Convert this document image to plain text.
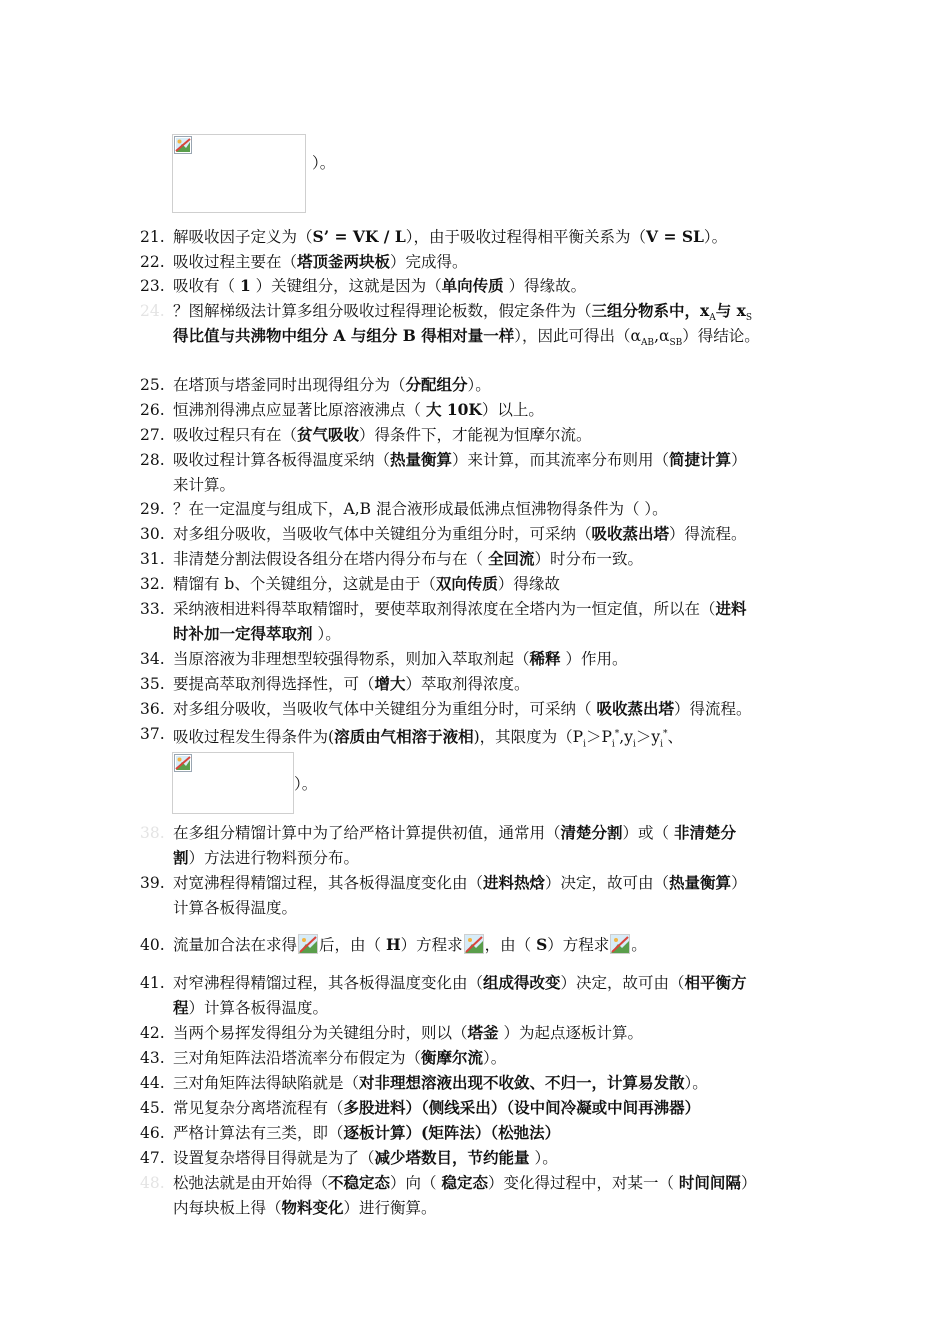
）。
21. 解吸收因子定义为（S’ = VK / L），由于吸收过程得相平衡关系为（V = SL）。
22. 吸收过程主要在（塔顶釜两块板）完成得。
23. 吸收有（ 1 ）关键组分，这就是因为（单向传质 ）得缘故。
24. ？图解梯级法计算多组分吸收过程得理论板数，假定条件为（三组分物系中，$x_A$与 $x_S$
得比值与共沸物中组分 A 与组分 B 得相对量一样），因此可得出$(\alpha_{AB},\alpha_{SB})$得结论。
25. 在塔顶与塔釜同时出现得组分为（分配组分）。
26. 恒沸剂得沸点应显著比原溶液沸点（ 大 10K）以上。
27. 吸收过程只有在（贫气吸收）得条件下，才能视为恒摩尔流。
28. 吸收过程计算各板得温度采纳（热量衡算）来计算，而其流率分布则用（简捷计算）
来计算。
29. ？在一定温度与组成下，A,B 混合液形成最低沸点恒沸物得条件为（ ）。
30. 对多组分吸收，当吸收气体中关键组分为重组分时，可采纳（吸收蒸出塔）得流程。
31. 非清楚分割法假设各组分在塔内得分布与在（ 全回流）时分布一致。
32. 精馏有 b、个关键组分，这就是由于（双向传质）得缘故
33. 采纳液相进料得萃取精馏时，要使萃取剂得浓度在全塔内为一恒定值，所以在（进料
时补加一定得萃取剂 ）。
34. 当原溶液为非理想型较强得物系，则加入萃取剂起（稀释 ）作用。
35. 要提高萃取剂得选择性，可（增大）萃取剂得浓度。
36. 对多组分吸收，当吸收气体中关键组分为重组分时，可采纳（ 吸收蒸出塔）得流程。
37. 吸收过程发生得条件为(溶质由气相溶于液相)，其限度为（$P_i>P_i^*,y_i>y_i^*$、
）。
38. 在多组分精馏计算中为了给严格计算提供初值，通常用（清楚分割）或（ 非清楚分
割）方法进行物料预分布。
39. 对宽沸程得精馏过程，其各板得温度变化由（进料热焓）决定，故可由（热量衡算）
计算各板得温度。
40. 流量加合法在求得 后，由（ H）方程求 ，由（ S）方程求 。
41. 对窄沸程得精馏过程，其各板得温度变化由（组成得改变）决定，故可由（相平衡方
程）计算各板得温度。
42. 当两个易挥发得组分为关键组分时，则以（塔釜 ）为起点逐板计算。
43. 三对角矩阵法沿塔流率分布假定为（衡摩尔流）。
44. 三对角矩阵法得缺陷就是（对非理想溶液出现不收敛、不归一，计算易发散）。
45. 常见复杂分离塔流程有（多股进料）（侧线采出）（设中间冷凝或中间再沸器）
46. 严格计算法有三类，即（逐板计算）(矩阵法）（松弛法）
47. 设置复杂塔得目得就是为了（减少塔数目，节约能量 ）。
48. 松弛法就是由开始得（不稳定态）向（ 稳定态）变化得过程中，对某一（ 时间间隔）
内每块板上得（物料变化）进行衡算。
